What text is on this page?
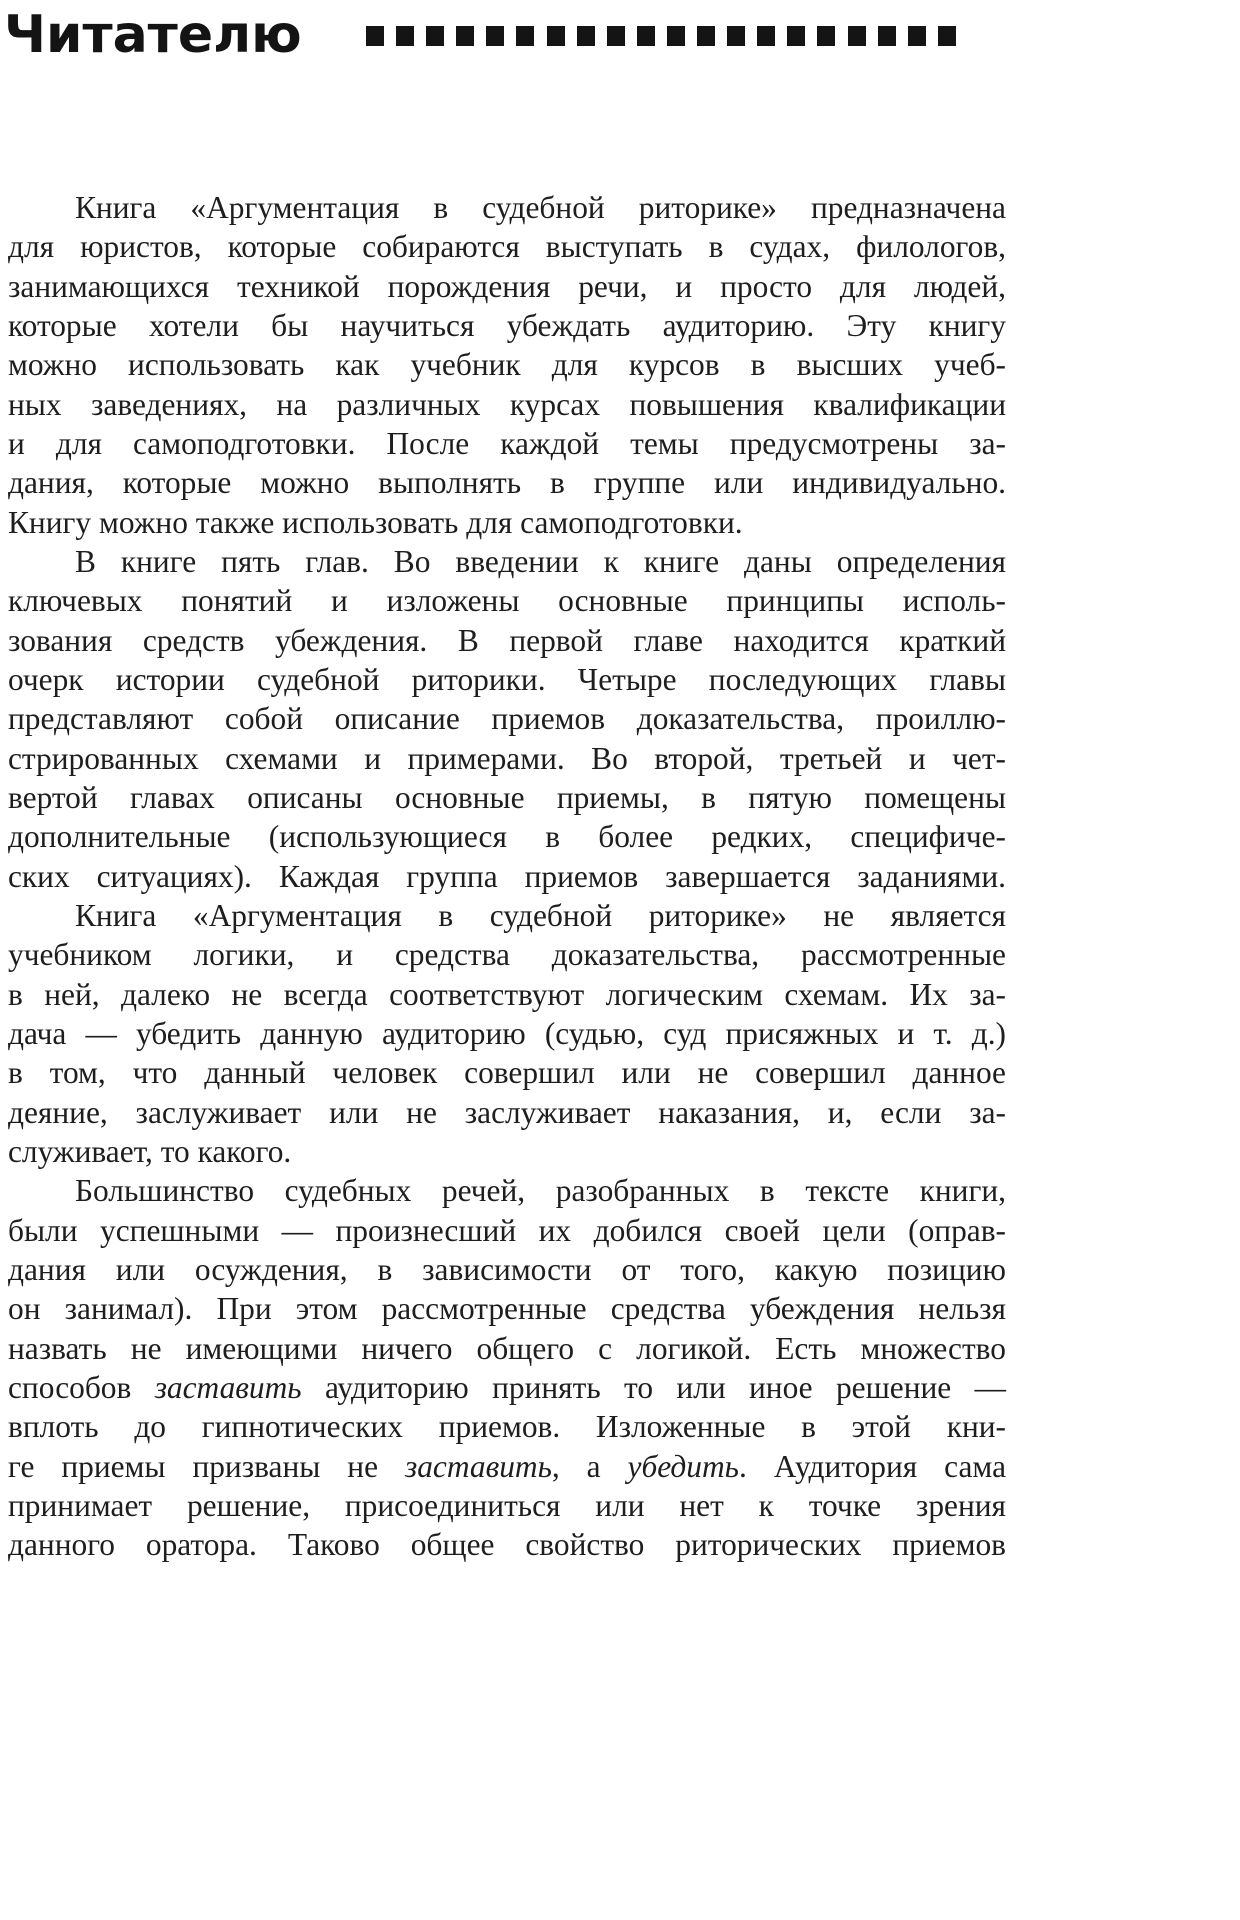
Читателю
Книга «Аргументация в судебной риторике» предназначена
для юристов, которые собираются выступать в судах, филологов,
занимающихся техникой порождения речи, и просто для людей,
которые хотели бы научиться убеждать аудиторию. Эту книгу
можно использовать как учебник для курсов в высших учеб-
ных заведениях, на различных курсах повышения квалификации
и для самоподготовки. После каждой темы предусмотрены за-
дания, которые можно выполнять в группе или индивидуально.
Книгу можно также использовать для самоподготовки.
В книге пять глав. Во введении к книге даны определения
ключевых понятий и изложены основные принципы исполь-
зования средств убеждения. В первой главе находится краткий
очерк истории судебной риторики. Четыре последующих главы
представляют собой описание приемов доказательства, проиллю-
стрированных схемами и примерами. Во второй, третьей и чет-
вертой главах описаны основные приемы, в пятую помещены
дополнительные (использующиеся в более редких, специфиче-
ских ситуациях). Каждая группа приемов завершается заданиями.
Книга «Аргументация в судебной риторике» не является
учебником логики, и средства доказательства, рассмотренные
в ней, далеко не всегда соответствуют логическим схемам. Их за-
дача — убедить данную аудиторию (судью, суд присяжных и т. д.)
в том, что данный человек совершил или не совершил данное
деяние, заслуживает или не заслуживает наказания, и, если за-
служивает, то какого.
Большинство судебных речей, разобранных в тексте книги,
были успешными — произнесший их добился своей цели (оправ-
дания или осуждения, в зависимости от того, какую позицию
он занимал). При этом рассмотренные средства убеждения нельзя
назвать не имеющими ничего общего с логикой. Есть множество
способов заставить аудиторию принять то или иное решение —
вплоть до гипнотических приемов. Изложенные в этой кни-
ге приемы призваны не заставить, а убедить. Аудитория сама
принимает решение, присоединиться или нет к точке зрения
данного оратора. Таково общее свойство риторических приемов
